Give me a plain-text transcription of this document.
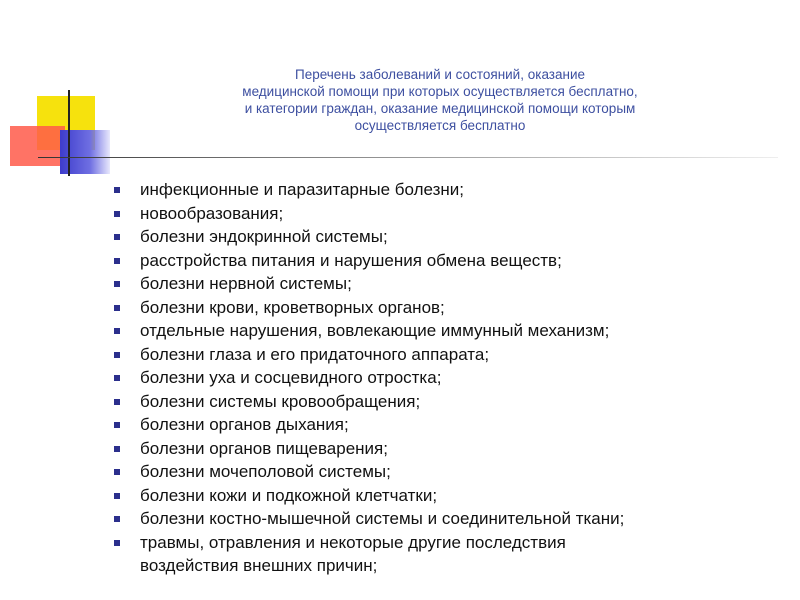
Перечень заболеваний и состояний, оказание
медицинской помощи при которых осуществляется бесплатно,
и категории граждан, оказание медицинской помощи которым
осуществляется бесплатно
инфекционные и паразитарные болезни;
новообразования;
болезни эндокринной системы;
расстройства питания и нарушения обмена веществ;
болезни нервной системы;
болезни крови, кроветворных органов;
отдельные нарушения, вовлекающие иммунный механизм;
болезни глаза и его придаточного аппарата;
болезни уха и сосцевидного отростка;
болезни системы кровообращения;
болезни органов дыхания;
болезни органов пищеварения;
болезни мочеполовой системы;
болезни кожи и подкожной клетчатки;
болезни костно-мышечной системы и соединительной ткани;
травмы, отравления и некоторые другие последствия
воздействия внешних причин;
